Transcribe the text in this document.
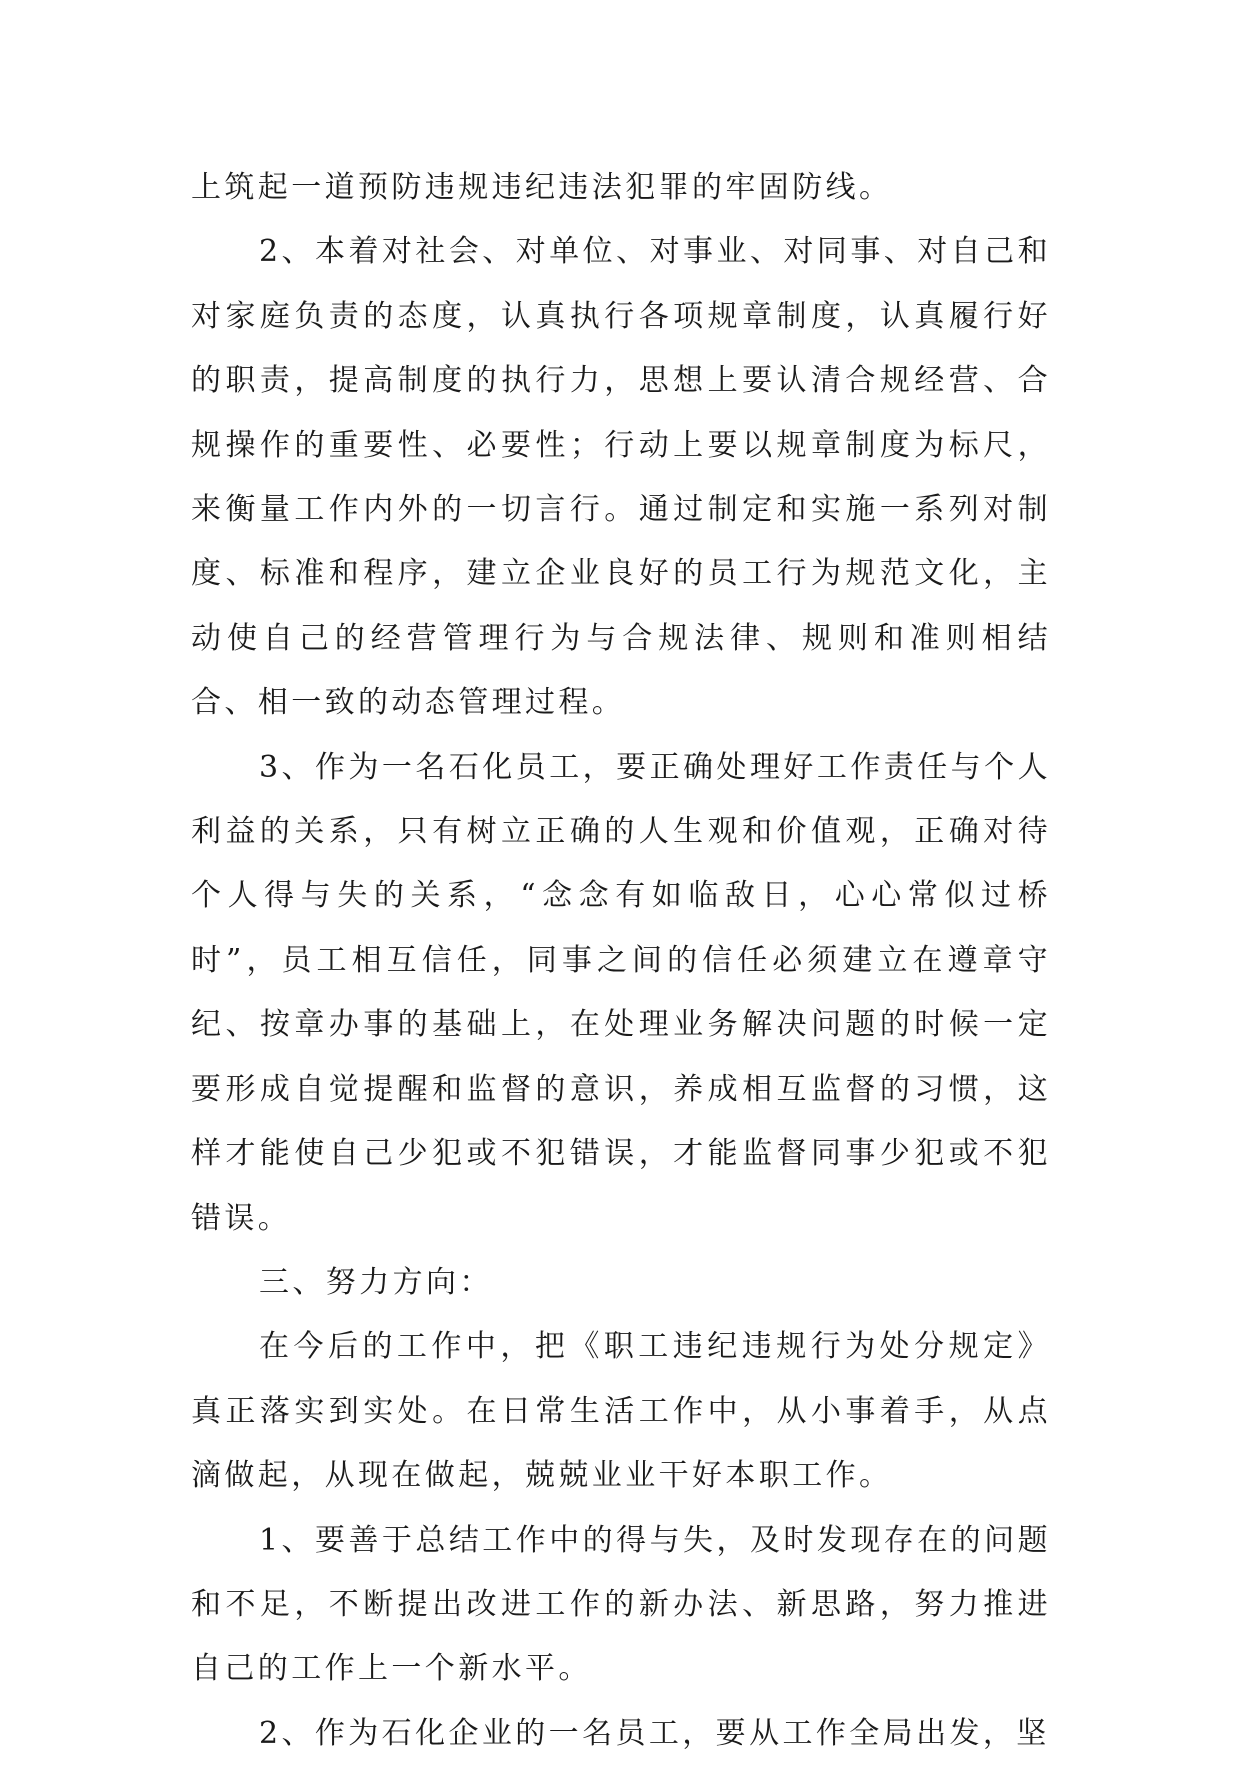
上筑起一道预防违规违纪违法犯罪的牢固防线。

2、本着对社会、对单位、对事业、对同事、对自己和对家庭负责的态度，认真执行各项规章制度，认真履行好的职责，提高制度的执行力，思想上要认清合规经营、合规操作的重要性、必要性；行动上要以规章制度为标尺，来衡量工作内外的一切言行。通过制定和实施一系列对制度、标准和程序，建立企业良好的员工行为规范文化，主动使自己的经营管理行为与合规法律、规则和准则相结合、相一致的动态管理过程。

3、作为一名石化员工，要正确处理好工作责任与个人利益的关系，只有树立正确的人生观和价值观，正确对待个人得与失的关系，“念念有如临敌日，心心常似过桥时”，员工相互信任，同事之间的信任必须建立在遵章守纪、按章办事的基础上，在处理业务解决问题的时候一定要形成自觉提醒和监督的意识，养成相互监督的习惯，这样才能使自己少犯或不犯错误，才能监督同事少犯或不犯错误。

三、努力方向：

在今后的工作中，把《职工违纪违规行为处分规定》真正落实到实处。在日常生活工作中，从小事着手，从点滴做起，从现在做起，兢兢业业干好本职工作。

1、要善于总结工作中的得与失，及时发现存在的问题和不足，不断提出改进工作的新办法、新思路，努力推进自己的工作上一个新水平。

2、作为石化企业的一名员工，要从工作全局出发，坚
